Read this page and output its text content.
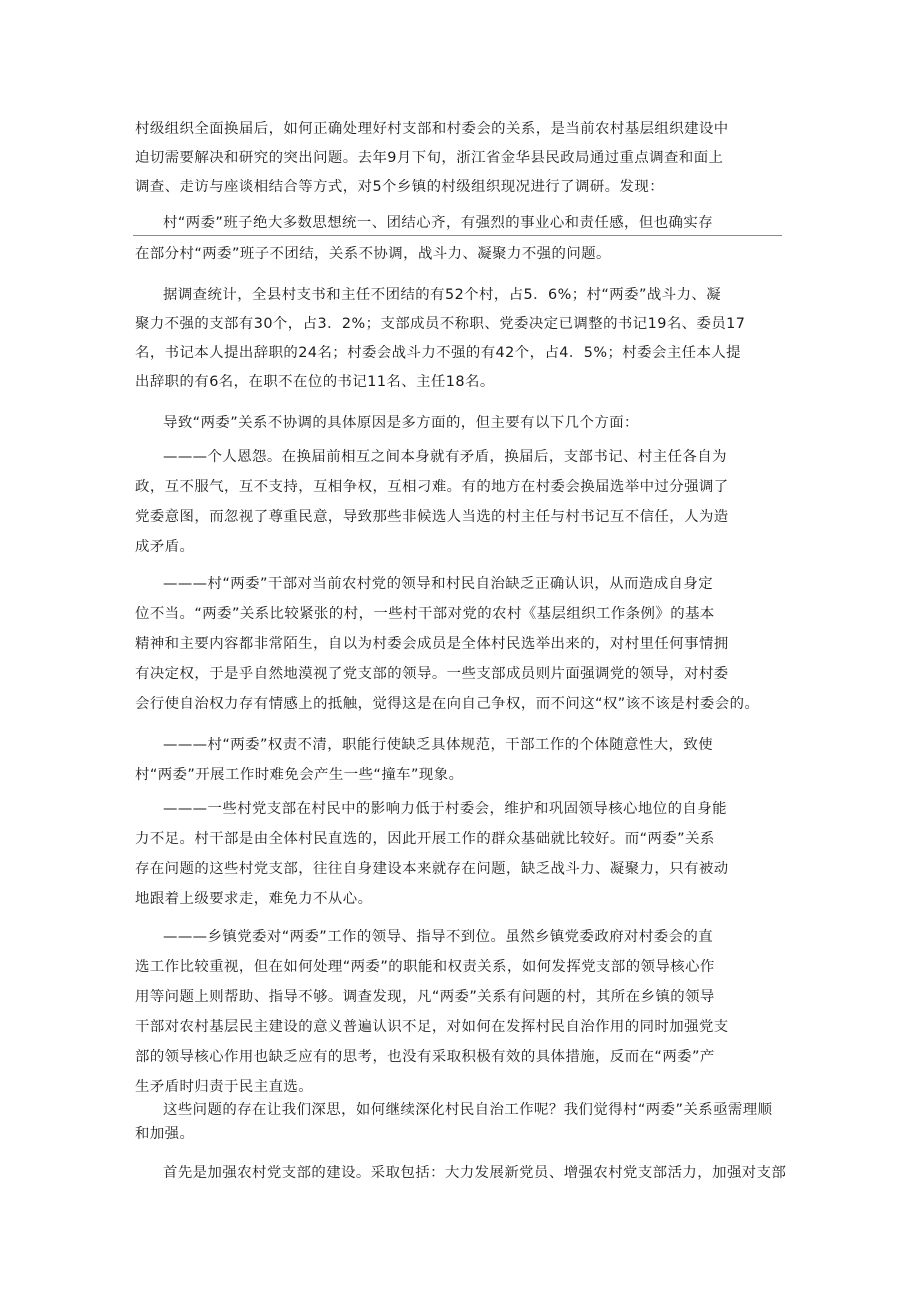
村级组织全面换届后，如何正确处理好村支部和村委会的关系，是当前农村基层组织建设中
迫切需要解决和研究的突出问题。去年9月下旬，浙江省金华县民政局通过重点调查和面上
调查、走访与座谈相结合等方式，对5个乡镇的村级组织现况进行了调研。发现：
村“两委”班子绝大多数思想统一、团结心齐，有强烈的事业心和责任感，但也确实存
在部分村“两委”班子不团结，关系不协调，战斗力、凝聚力不强的问题。
据调查统计，全县村支书和主任不团结的有52个村，占5．6%；村“两委”战斗力、凝
聚力不强的支部有30个，占3．2%；支部成员不称职、党委决定已调整的书记19名、委员17
名，书记本人提出辞职的24名；村委会战斗力不强的有42个，占4．5%；村委会主任本人提
出辞职的有6名，在职不在位的书记11名、主任18名。
导致“两委”关系不协调的具体原因是多方面的，但主要有以下几个方面：
———个人恩怨。在换届前相互之间本身就有矛盾，换届后，支部书记、村主任各自为
政，互不服气，互不支持，互相争权，互相刁难。有的地方在村委会换届选举中过分强调了
党委意图，而忽视了尊重民意，导致那些非候选人当选的村主任与村书记互不信任，人为造
成矛盾。
———村“两委”干部对当前农村党的领导和村民自治缺乏正确认识，从而造成自身定
位不当。“两委”关系比较紧张的村，一些村干部对党的农村《基层组织工作条例》的基本
精神和主要内容都非常陌生，自以为村委会成员是全体村民选举出来的，对村里任何事情拥
有决定权，于是乎自然地漠视了党支部的领导。一些支部成员则片面强调党的领导，对村委
会行使自治权力存有情感上的抵触，觉得这是在向自己争权，而不问这“权”该不该是村委会的。
———村“两委”权责不清，职能行使缺乏具体规范，干部工作的个体随意性大，致使
村“两委”开展工作时难免会产生一些“撞车”现象。
———一些村党支部在村民中的影响力低于村委会，维护和巩固领导核心地位的自身能
力不足。村干部是由全体村民直选的，因此开展工作的群众基础就比较好。而“两委”关系
存在问题的这些村党支部，往往自身建设本来就存在问题，缺乏战斗力、凝聚力，只有被动
地跟着上级要求走，难免力不从心。
———乡镇党委对“两委”工作的领导、指导不到位。虽然乡镇党委政府对村委会的直
选工作比较重视，但在如何处理“两委”的职能和权责关系，如何发挥党支部的领导核心作
用等问题上则帮助、指导不够。调查发现，凡“两委”关系有问题的村，其所在乡镇的领导
干部对农村基层民主建设的意义普遍认识不足，对如何在发挥村民自治作用的同时加强党支
部的领导核心作用也缺乏应有的思考，也没有采取积极有效的具体措施，反而在“两委”产
生矛盾时归责于民主直选。
这些问题的存在让我们深思，如何继续深化村民自治工作呢？我们觉得村“两委”关系亟需理顺
和加强。
首先是加强农村党支部的建设。采取包括：大力发展新党员、增强农村党支部活力，加强对支部
